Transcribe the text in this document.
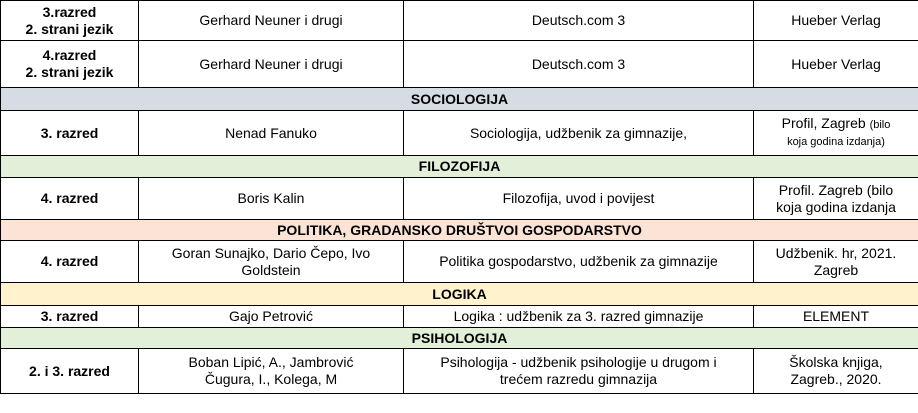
3.razred
2. strani jezik	Gerhard Neuner i drugi	Deutsch.com 3	Hueber Verlag

4.razred
2. strani jezik	Gerhard Neuner i drugi	Deutsch.com 3	Hueber Verlag
SOCIOLOGIJA			
3. razred	Nenad Fanuko	Sociologija, udžbenik za gimnazije,	Profil, Zagreb (bilo
koja godina izdanja)

FILOZOFIJA			
4. razred	Boris Kalin	Filozofija, uvod i povijest	Profil. Zagreb (bilo
koja godina izdanja

POLITIKA, GRADANSKO DRUŠTVOI GOSPODARSTVO			
4. razred	Goran Sunajko, Dario Čepo, Ivo
Goldstein	Politika gospodarstvo, udžbenik za gimnazije	Udžbenik. hr, 2021.
Zagreb

LOGIKA			
3. razred	Gajo Petrović	Logika : udžbenik za 3. razred gimnazije	ELEMENT
PSIHOLOGIJA			
2. i 3. razred	Boban Lipić, A., Jambrović
Čugura, I., Kolega, M	Psihologija - udžbenik psihologije u drugom i
trećem razredu gimnazija	Školska knjiga,
Zagreb., 2020.
